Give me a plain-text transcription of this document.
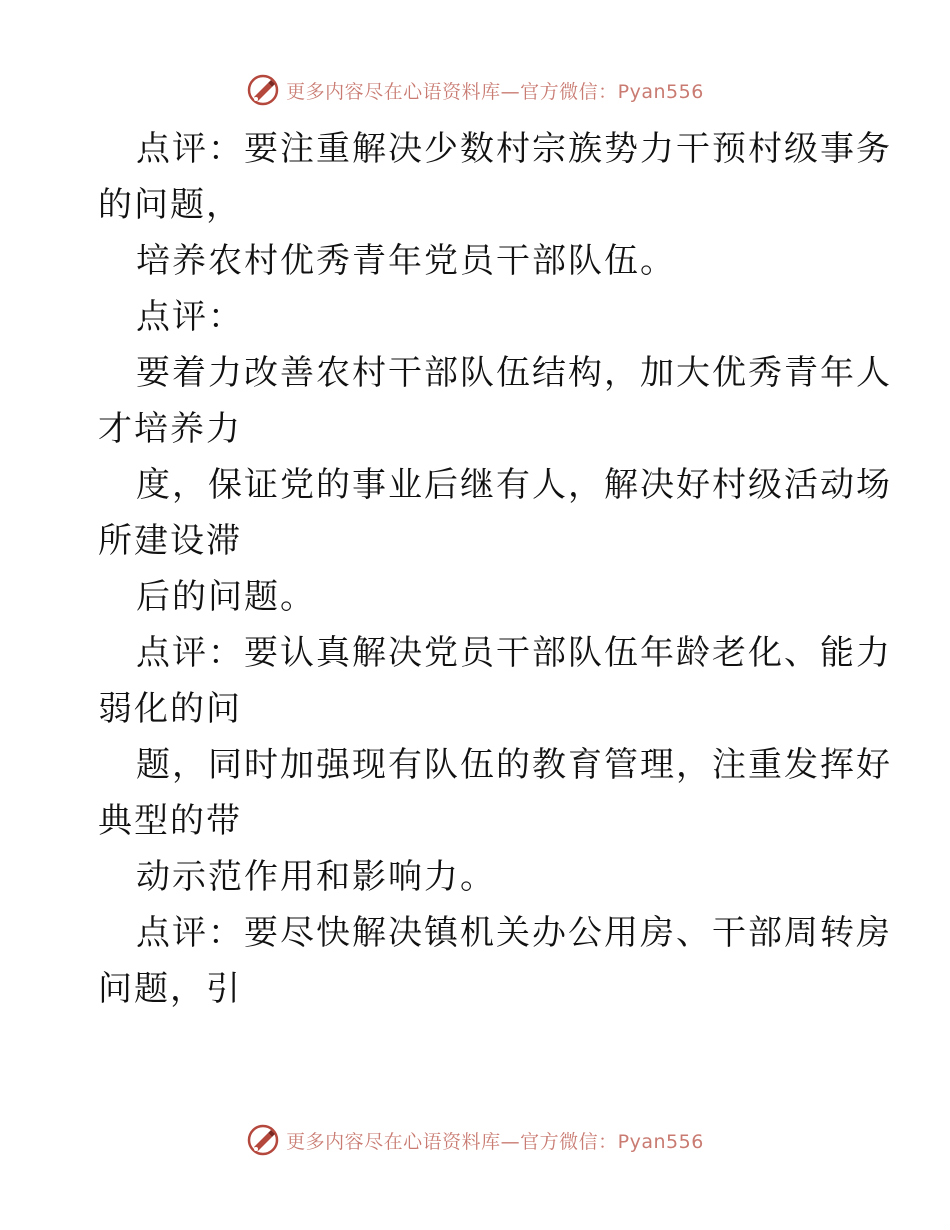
更多内容尽在心语资料库—官方微信：Pyan556
点评：要注重解决少数村宗族势力干预村级事务
的问题，
培养农村优秀青年党员干部队伍。
点评：
要着力改善农村干部队伍结构，加大优秀青年人
才培养力
度，保证党的事业后继有人，解决好村级活动场
所建设滞
后的问题。
点评：要认真解决党员干部队伍年龄老化、能力
弱化的问
题，同时加强现有队伍的教育管理，注重发挥好
典型的带
动示范作用和影响力。
点评：要尽快解决镇机关办公用房、干部周转房
问题，引
更多内容尽在心语资料库—官方微信：Pyan556
